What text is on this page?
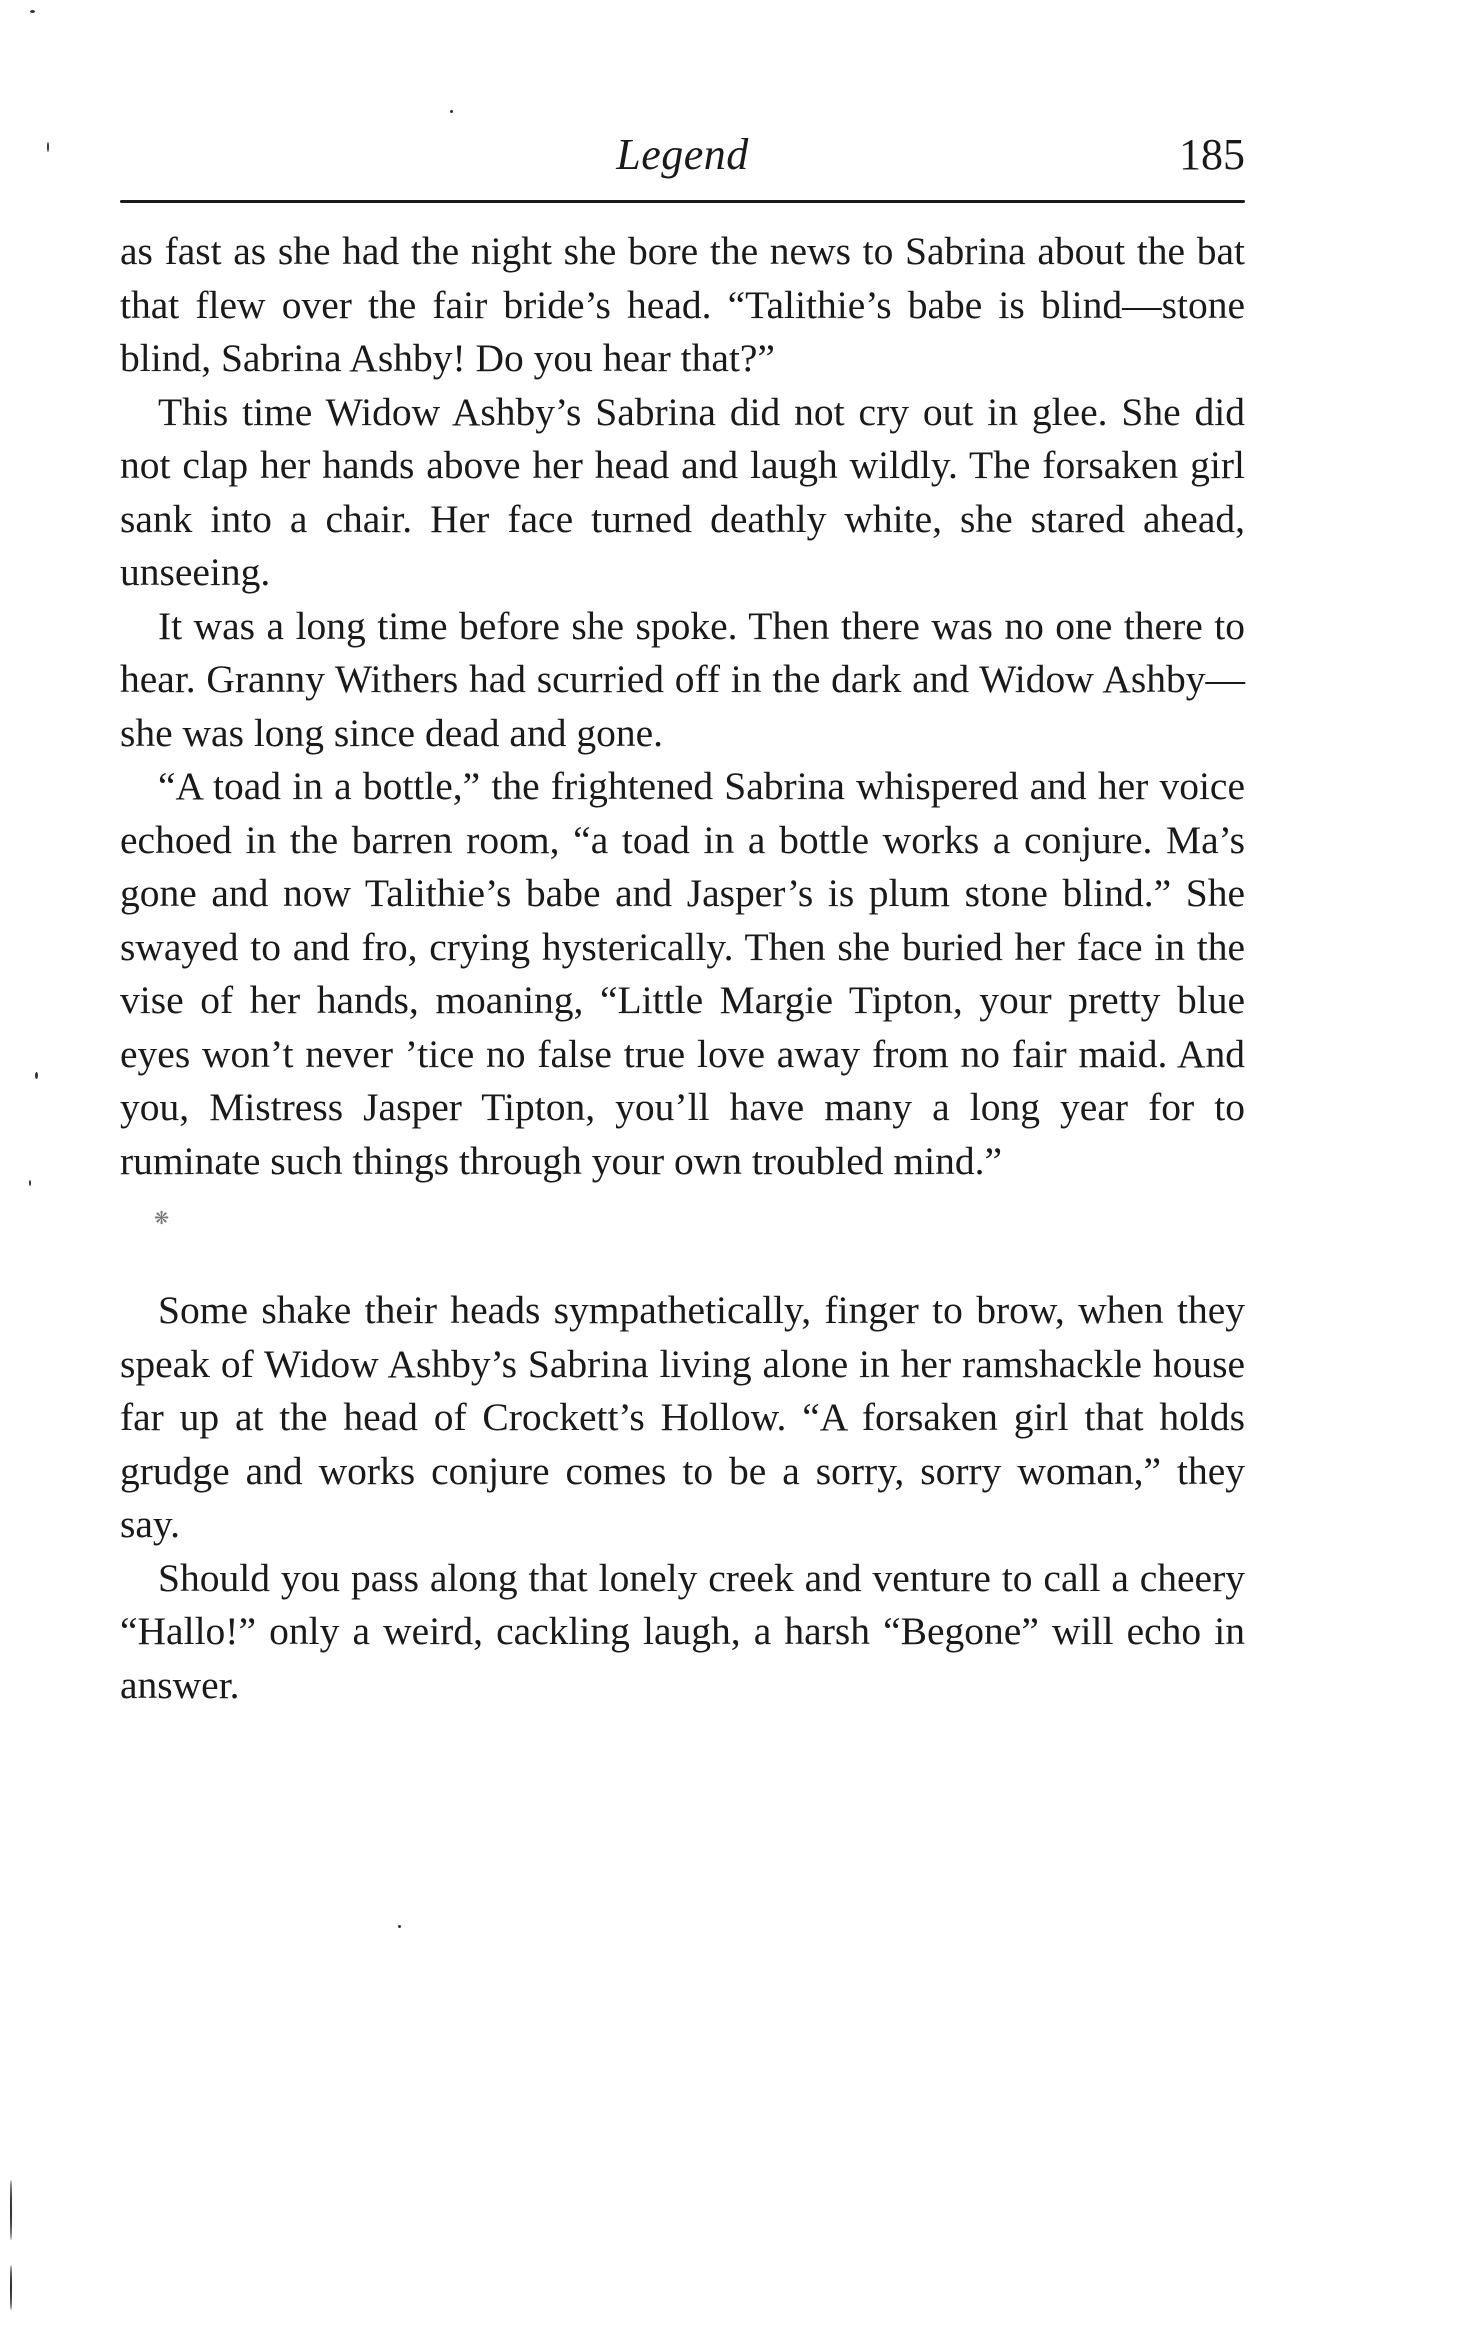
Legend	185

as fast as she had the night she bore the news to Sabrina about the bat that flew over the fair bride’s head. “Talithie’s babe is blind—stone blind, Sabrina Ashby! Do you hear that?”

This time Widow Ashby’s Sabrina did not cry out in glee. She did not clap her hands above her head and laugh wildly. The forsaken girl sank into a chair. Her face turned deathly white, she stared ahead, unseeing.

It was a long time before she spoke. Then there was no one there to hear. Granny Withers had scurried off in the dark and Widow Ashby—she was long since dead and gone.

“A toad in a bottle,” the frightened Sabrina whispered and her voice echoed in the barren room, “a toad in a bottle works a conjure. Ma’s gone and now Talithie’s babe and Jasper’s is plum stone blind.” She swayed to and fro, crying hysterically. Then she buried her face in the vise of her hands, moaning, “Little Margie Tipton, your pretty blue eyes won’t never ’tice no false true love away from no fair maid. And you, Mistress Jasper Tipton, you’ll have many a long year for to ruminate such things through your own troubled mind.”

❋

Some shake their heads sympathetically, finger to brow, when they speak of Widow Ashby’s Sabrina living alone in her ramshackle house far up at the head of Crockett’s Hollow. “A forsaken girl that holds grudge and works conjure comes to be a sorry, sorry woman,” they say.

Should you pass along that lonely creek and venture to call a cheery “Hallo!” only a weird, cackling laugh, a harsh “Begone” will echo in answer.
